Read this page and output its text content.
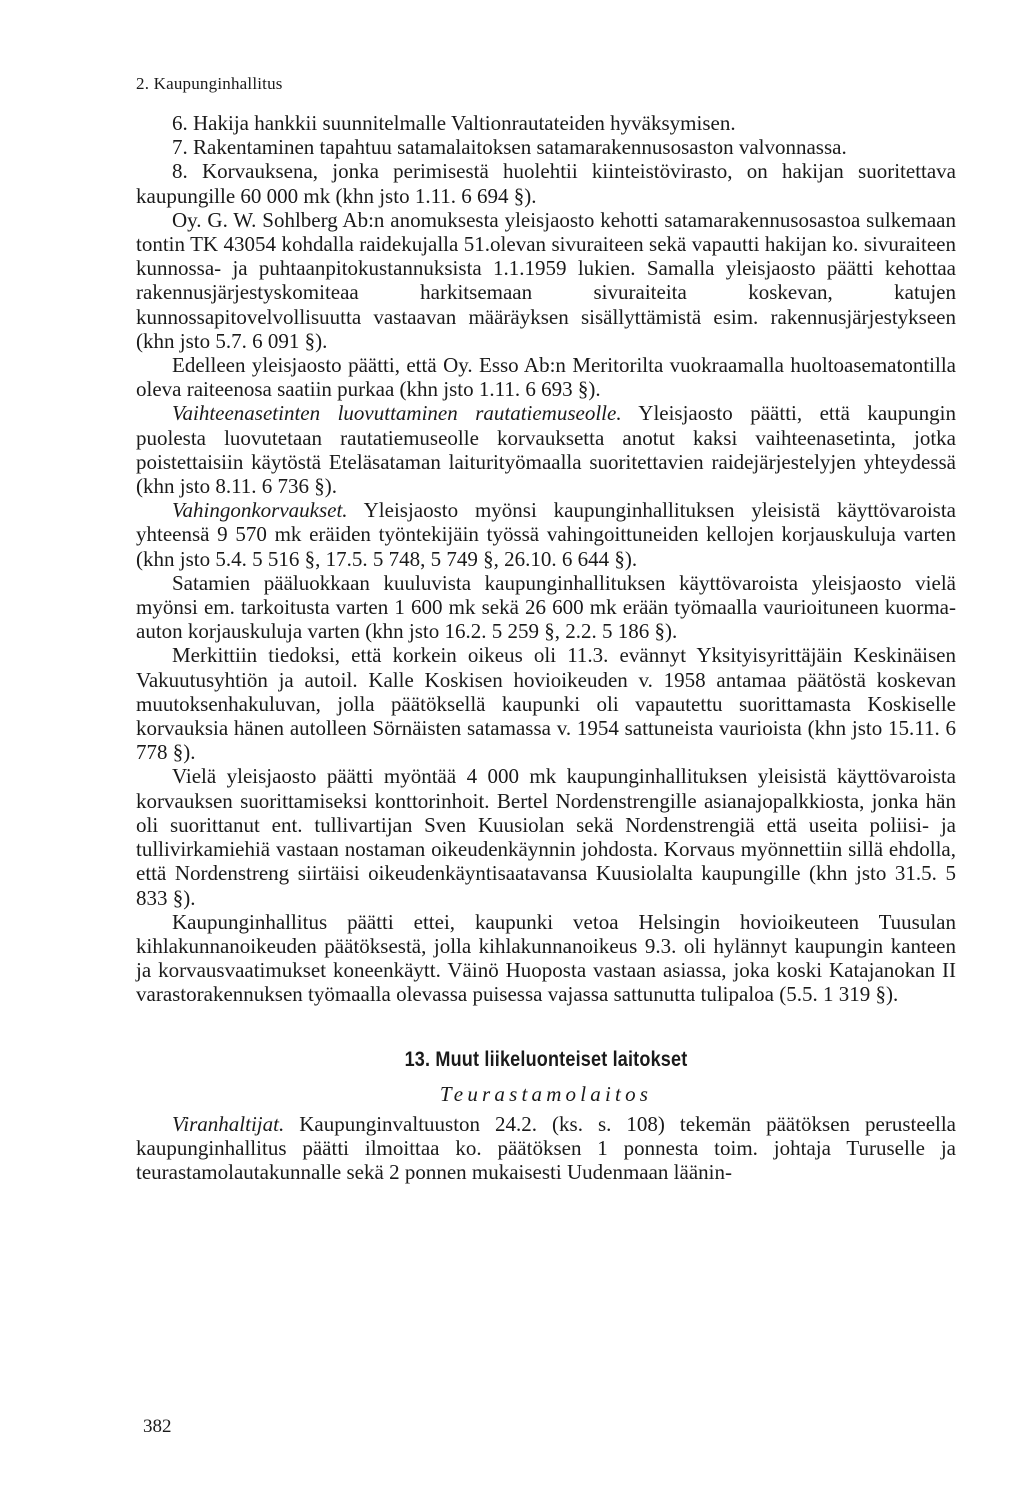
2. Kaupunginhallitus

6. Hakija hankkii suunnitelmalle Valtionrautateiden hyväksymisen.

7. Rakentaminen tapahtuu satamalaitoksen satamarakennusosaston valvonnassa.

8. Korvauksena, jonka perimisestä huolehtii kiinteistövirasto, on hakijan suoritettava kaupungille 60 000 mk (khn jsto 1.11. 6 694 §).

Oy. G. W. Sohlberg Ab:n anomuksesta yleisjaosto kehotti satamarakennusosastoa sulkemaan tontin TK 43054 kohdalla raidekujalla 51.olevan sivuraiteen sekä vapautti hakijan ko. sivuraiteen kunnossa- ja puhtaanpitokustannuksista 1.1.1959 lukien. Samalla yleisjaosto päätti kehottaa rakennusjärjestyskomiteaa harkitsemaan sivuraiteita koskevan, katujen kunnossapitovelvollisuutta vastaavan määräyksen sisällyttämistä esim. rakennusjärjestykseen (khn jsto 5.7. 6 091 §).

Edelleen yleisjaosto päätti, että Oy. Esso Ab:n Meritorilta vuokraamalla huoltoasematontilla oleva raiteenosa saatiin purkaa (khn jsto 1.11. 6 693 §).

Vaihteenasetinten luovuttaminen rautatiemuseolle. Yleisjaosto päätti, että kaupungin puolesta luovutetaan rautatiemuseolle korvauksetta anotut kaksi vaihteenasetinta, jotka poistettaisiin käytöstä Eteläsataman laiturityömaalla suoritettavien raidejärjestelyjen yhteydessä (khn jsto 8.11. 6 736 §).

Vahingonkorvaukset. Yleisjaosto myönsi kaupunginhallituksen yleisistä käyttövaroista yhteensä 9 570 mk eräiden työntekijäin työssä vahingoittuneiden kellojen korjauskuluja varten (khn jsto 5.4. 5 516 §, 17.5. 5 748, 5 749 §, 26.10. 6 644 §).

Satamien pääluokkaan kuuluvista kaupunginhallituksen käyttövaroista yleisjaosto vielä myönsi em. tarkoitusta varten 1 600 mk sekä 26 600 mk erään työmaalla vaurioituneen kuorma-auton korjauskuluja varten (khn jsto 16.2. 5 259 §, 2.2. 5 186 §).

Merkittiin tiedoksi, että korkein oikeus oli 11.3. evännyt Yksityisyrittäjäin Keskinäisen Vakuutusyhtiön ja autoil. Kalle Koskisen hovioikeuden v. 1958 antamaa päätöstä koskevan muutoksenhakuluvan, jolla päätöksellä kaupunki oli vapautettu suorittamasta Koskiselle korvauksia hänen autolleen Sörnäisten satamassa v. 1954 sattuneista vaurioista (khn jsto 15.11. 6 778 §).

Vielä yleisjaosto päätti myöntää 4 000 mk kaupunginhallituksen yleisistä käyttövaroista korvauksen suorittamiseksi konttorinhoit. Bertel Nordenstrengille asianajopalkkiosta, jonka hän oli suorittanut ent. tullivartijan Sven Kuusiolan sekä Nordenstrengiä että useita poliisi- ja tullivirkamiehiä vastaan nostaman oikeudenkäynnin johdosta. Korvaus myönnettiin sillä ehdolla, että Nordenstreng siirtäisi oikeudenkäyntisaatavansa Kuusiolalta kaupungille (khn jsto 31.5. 5 833 §).

Kaupunginhallitus päätti ettei, kaupunki vetoa Helsingin hovioikeuteen Tuusulan kihlakunnanoikeuden päätöksestä, jolla kihlakunnanoikeus 9.3. oli hylännyt kaupungin kanteen ja korvausvaatimukset koneenkäytt. Väinö Huoposta vastaan asiassa, joka koski Katajanokan II varastorakennuksen työmaalla olevassa puisessa vajassa sattunutta tulipaloa (5.5. 1 319 §).

13. Muut liikeluonteiset laitokset
Teurastamolaitos

Viranhaltijat. Kaupunginvaltuuston 24.2. (ks. s. 108) tekemän päätöksen perusteella kaupunginhallitus päätti ilmoittaa ko. päätöksen 1 ponnesta toim. johtaja Turuselle ja teurastamolautakunnalle sekä 2 ponnen mukaisesti Uudenmaan läänin-

382
